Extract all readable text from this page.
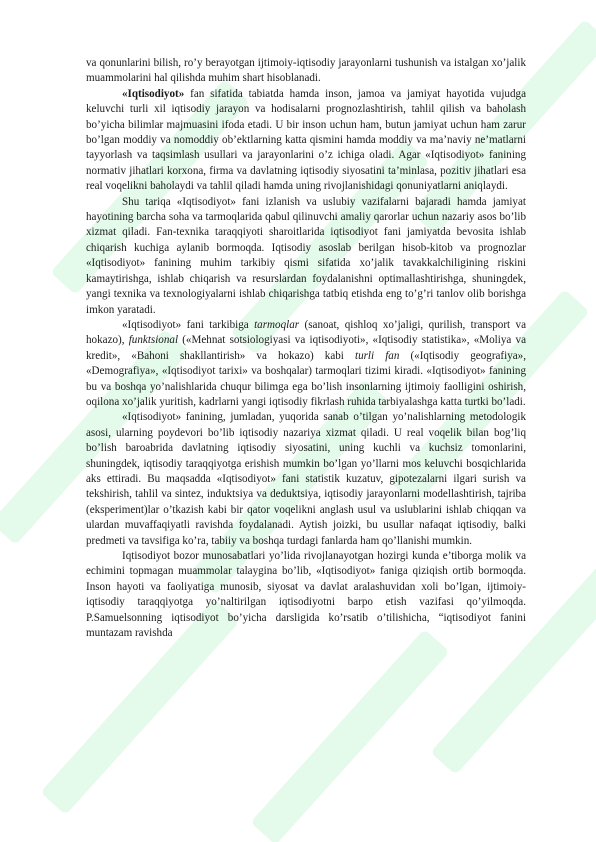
va qonunlarini bilish, ro’y berayotgan ijtimoiy-iqtisodiy jarayonlarni tushunish va istalgan xo’jalik muammolarini hal qilishda muhim shart hisoblanadi.

«Iqtisodiyot» fan sifatida tabiatda hamda inson, jamoa va jamiyat hayotida vujudga keluvchi turli xil iqtisodiy jarayon va hodisalarni prognozlashtirish, tahlil qilish va baholash bo’yicha bilimlar majmuasini ifoda etadi. U bir inson uchun ham, butun jamiyat uchun ham zarur bo’lgan moddiy va nomoddiy ob’ektlarning katta qismini hamda moddiy va ma’naviy ne’matlarni tayyorlash va taqsimlash usullari va jarayonlarini o’z ichiga oladi. Agar «Iqtisodiyot» fanining normativ jihatlari korxona, firma va davlatning iqtisodiy siyosatini ta’minlasa, pozitiv jihatlari esa real voqelikni baholaydi va tahlil qiladi hamda uning rivojlanishidagi qonuniyatlarni aniqlaydi.

Shu tariqa «Iqtisodiyot» fani izlanish va uslubiy vazifalarni bajaradi hamda jamiyat hayotining barcha soha va tarmoqlarida qabul qilinuvchi amaliy qarorlar uchun nazariy asos bo’lib xizmat qiladi. Fan-texnika taraqqiyoti sharoitlarida iqtisodiyot fani jamiyatda bevosita ishlab chiqarish kuchiga aylanib bormoqda. Iqtisodiy asoslab berilgan hisob-kitob va prognozlar «Iqtisodiyot» fanining muhim tarkibiy qismi sifatida xo’jalik tavakkalchiligining riskini kamaytirishga, ishlab chiqarish va resurslardan foydalanishni optimallashtirishga, shuningdek, yangi texnika va texnologiyalarni ishlab chiqarishga tatbiq etishda eng to’g’ri tanlov olib borishga imkon yaratadi.

«Iqtisodiyot» fani tarkibiga tarmoqlar (sanoat, qishloq xo’jaligi, qurilish, transport va hokazo), funktsional («Mehnat sotsiologiyasi va iqtisodiyoti», «Iqtisodiy statistika», «Moliya va kredit», «Bahoni shakllantirish» va hokazo) kabi turli fan («Iqtisodiy geografiya», «Demografiya», «Iqtisodiyot tarixi» va boshqalar) tarmoqlari tizimi kiradi. «Iqtisodiyot» fanining bu va boshqa yo’nalishlarida chuqur bilimga ega bo’lish insonlarning ijtimoiy faolligini oshirish, oqilona xo’jalik yuritish, kadrlarni yangi iqtisodiy fikrlash ruhida tarbiyalashga katta turtki bo’ladi.

«Iqtisodiyot» fanining, jumladan, yuqorida sanab o’tilgan yo’nalishlarning metodologik asosi, ularning poydevori bo’lib iqtisodiy nazariya xizmat qiladi. U real voqelik bilan bog’liq bo’lish baroabrida davlatning iqtisodiy siyosatini, uning kuchli va kuchsiz tomonlarini, shuningdek, iqtisodiy taraqqiyotga erishish mumkin bo’lgan yo’llarni mos keluvchi bosqichlarida aks ettiradi. Bu maqsadda «Iqtisodiyot» fani statistik kuzatuv, gipotezalarni ilgari surish va tekshirish, tahlil va sintez, induktsiya va deduktsiya, iqtisodiy jarayonlarni modellashtirish, tajriba (eksperiment)lar o’tkazish kabi bir qator voqelikni anglash usul va uslublarini ishlab chiqqan va ulardan muvaffaqiyatli ravishda foydalanadi. Aytish joizki, bu usullar nafaqat iqtisodiy, balki predmeti va tavsifiga ko’ra, tabiiy va boshqa turdagi fanlarda ham qo’llanishi mumkin.

Iqtisodiyot bozor munosabatlari yo’lida rivojlanayotgan hozirgi kunda e’tiborga molik va echimini topmagan muammolar talaygina bo’lib, «Iqtisodiyot» faniga qiziqish ortib bormoqda. Inson hayoti va faoliyatiga munosib, siyosat va davlat aralashuvidan xoli bo’lgan, ijtimoiy-iqtisodiy taraqqiyotga yo’naltirilgan iqtisodiyotni barpo etish vazifasi qo’yilmoqda. P.Samuelsonning iqtisodiyot bo’yicha darsligida ko’rsatib o’tilishicha, “iqtisodiyot fanini muntazam ravishda
